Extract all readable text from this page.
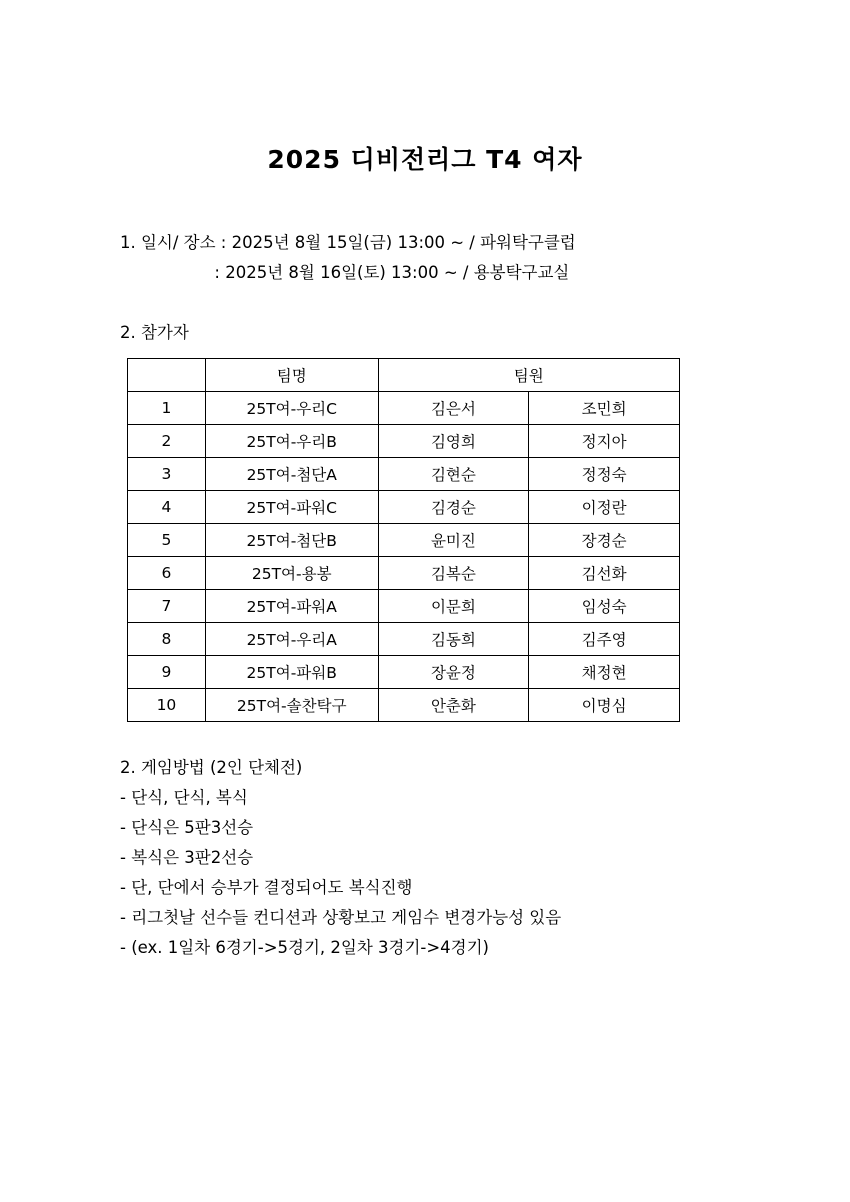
2025 디비전리그 T4 여자
1. 일시/ 장소 : 2025년 8월 15일(금) 13:00 ~ / 파워탁구클럽
: 2025년 8월 16일(토) 13:00 ~ / 용봉탁구교실
2. 참가자
	팀명	팀원	
1	25T여-우리C	김은서	조민희
2	25T여-우리B	김영희	정지아
3	25T여-첨단A	김현순	정정숙
4	25T여-파워C	김경순	이정란
5	25T여-첨단B	윤미진	장경순
6	25T여-용봉	김복순	김선화
7	25T여-파워A	이문희	임성숙
8	25T여-우리A	김동희	김주영
9	25T여-파워B	장윤정	채정현
10	25T여-솔찬탁구	안춘화	이명심
2. 게임방법 (2인 단체전)
- 단식, 단식, 복식
- 단식은 5판3선승
- 복식은 3판2선승
- 단, 단에서 승부가 결정되어도 복식진행
- 리그첫날 선수들 컨디션과 상황보고 게임수 변경가능성 있음
- (ex. 1일차 6경기->5경기, 2일차 3경기->4경기)
